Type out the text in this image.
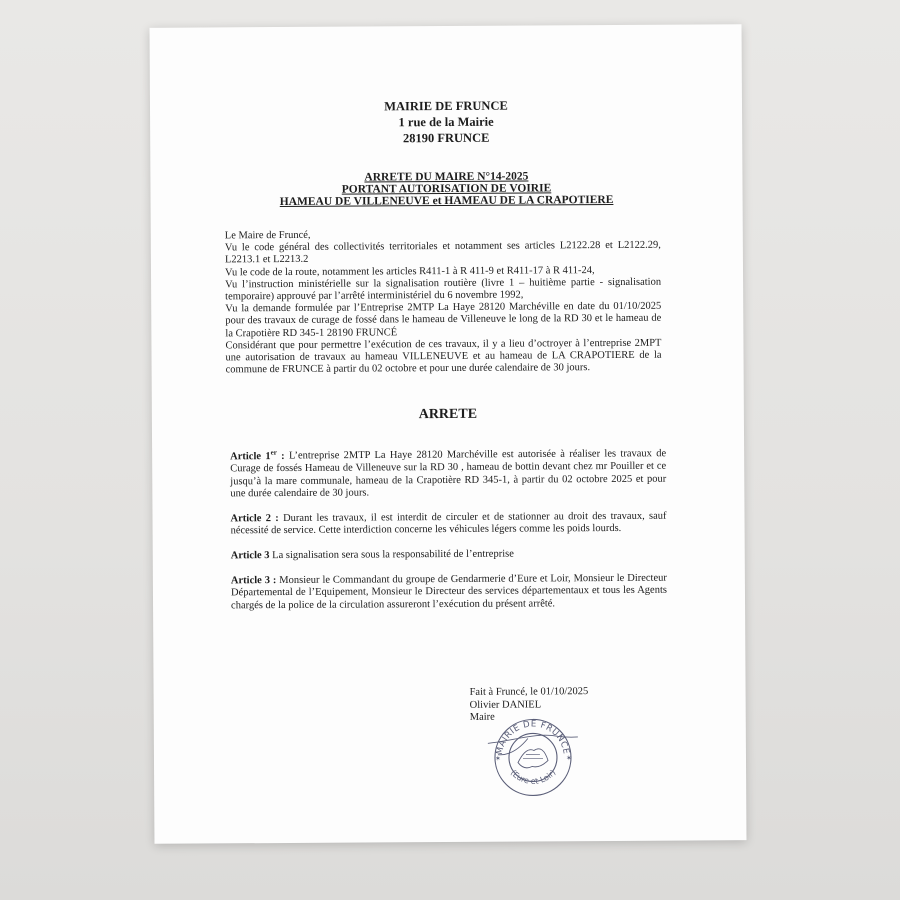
MAIRIE DE FRUNCE
1 rue de la Mairie
28190 FRUNCE
ARRETE DU MAIRE N°14-2025
PORTANT AUTORISATION DE VOIRIE
HAMEAU DE VILLENEUVE et HAMEAU DE LA CRAPOTIERE

Le Maire de Fruncé,

Vu le code général des collectivités territoriales et notamment ses articles L2122.28 et L2122.29, L2213.1 et L2213.2

Vu le code de la route, notamment les articles R411-1 à R 411-9 et R411-17 à R 411-24,

Vu l’instruction ministérielle sur la signalisation routière (livre 1 – huitième partie - signalisation temporaire) approuvé par l’arrêté interministériel du 6 novembre 1992,

Vu la demande formulée par l’Entreprise 2MTP La Haye 28120 Marchéville en date du 01/10/2025 pour des travaux de curage de fossé dans le hameau de Villeneuve le long de la RD 30 et le hameau de la Crapotière RD 345-1 28190 FRUNCÉ

Considérant que pour permettre l’exécution de ces travaux, il y a lieu d’octroyer à l’entreprise 2MPT une autorisation de travaux au hameau VILLENEUVE et au hameau de LA CRAPOTIERE de la commune de FRUNCE à partir du 02 octobre et pour une durée calendaire de 30 jours.

ARRETE

Article 1er : L’entreprise 2MTP La Haye 28120 Marchéville est autorisée à réaliser les travaux de Curage de fossés Hameau de Villeneuve sur la RD 30 , hameau de bottin devant chez mr Pouiller et ce jusqu’à la mare communale, hameau de la Crapotière RD 345-1, à partir du 02 octobre 2025 et pour une durée calendaire de 30 jours.

Article 2 : Durant les travaux, il est interdit de circuler et de stationner au droit des travaux, sauf nécessité de service. Cette interdiction concerne les véhicules légers comme les poids lourds.

Article 3 La signalisation sera sous la responsabilité de l’entreprise

Article 3 : Monsieur le Commandant du groupe de Gendarmerie d’Eure et Loir, Monsieur le Directeur Départemental de l’Equipement, Monsieur le Directeur des services départementaux et tous les Agents chargés de la police de la circulation assureront l’exécution du présent arrêté.

Fait à Fruncé, le 01/10/2025
Olivier DANIEL
Maire
MAIRIE DE FRUNCE
(Eure et Loir)
✶	✶
